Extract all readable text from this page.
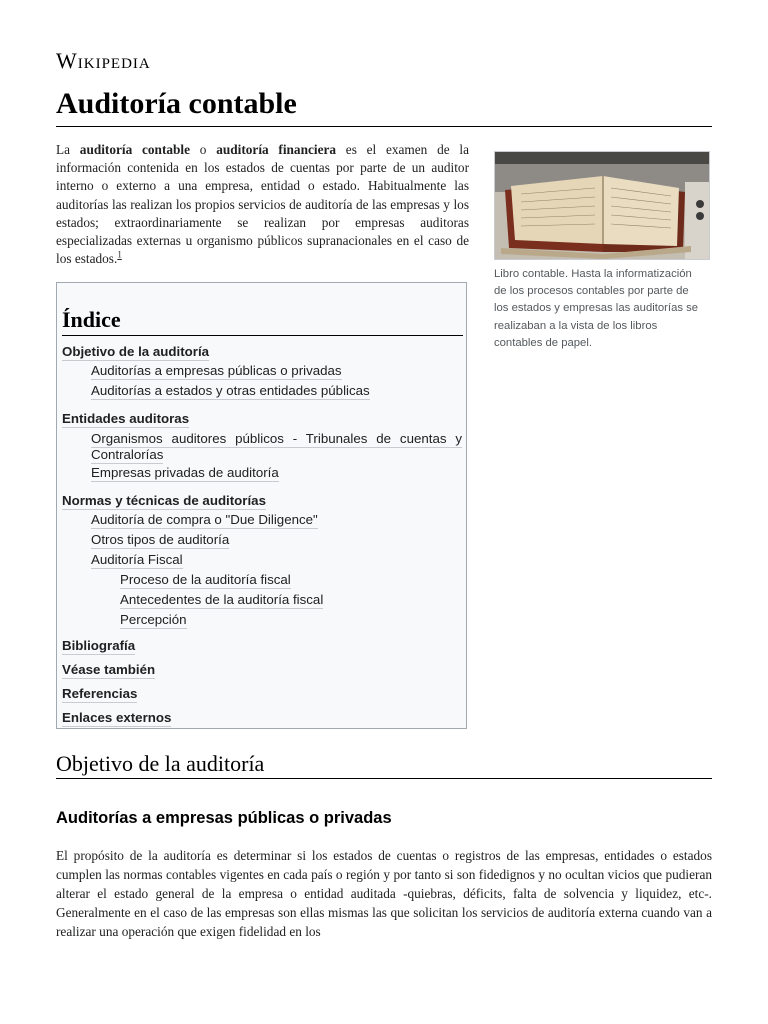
Wikipedia
Auditoría contable

La auditoría contable o auditoría financiera es el examen de la información contenida en los estados de cuentas por parte de un auditor interno o externo a una empresa, entidad o estado. Habitualmente las auditorías las realizan los propios servicios de auditoría de las empresas y los estados; extraordinariamente se realizan por empresas auditoras especializadas externas u organismo públicos supranacionales en el caso de los estados.$^1$

Libro contable. Hasta la informatización de los procesos contables por parte de los estados y empresas las auditorías se realizaban a la vista de los libros contables de papel.
Índice
Objetivo de la auditoría
Auditorías a empresas públicas o privadas
Auditorías a estados y otras entidades públicas
Entidades auditoras
Organismos auditores públicos - Tribunales de cuentas y Contralorías
Empresas privadas de auditoría
Normas y técnicas de auditorías
Auditoría de compra o "Due Diligence"
Otros tipos de auditoría
Auditoría Fiscal
Proceso de la auditoría fiscal
Antecedentes de la auditoría fiscal
Percepción
Bibliografía
Véase también
Referencias
Enlaces externos
Objetivo de la auditoría
Auditorías a empresas públicas o privadas

El propósito de la auditoría es determinar si los estados de cuentas o registros de las empresas, entidades o estados cumplen las normas contables vigentes en cada país o región y por tanto si son fidedignos y no ocultan vicios que pudieran alterar el estado general de la empresa o entidad auditada -quiebras, déficits, falta de solvencia y liquidez, etc-. Generalmente en el caso de las empresas son ellas mismas las que solicitan los servicios de auditoría externa cuando van a realizar una operación que exigen fidelidad en los
